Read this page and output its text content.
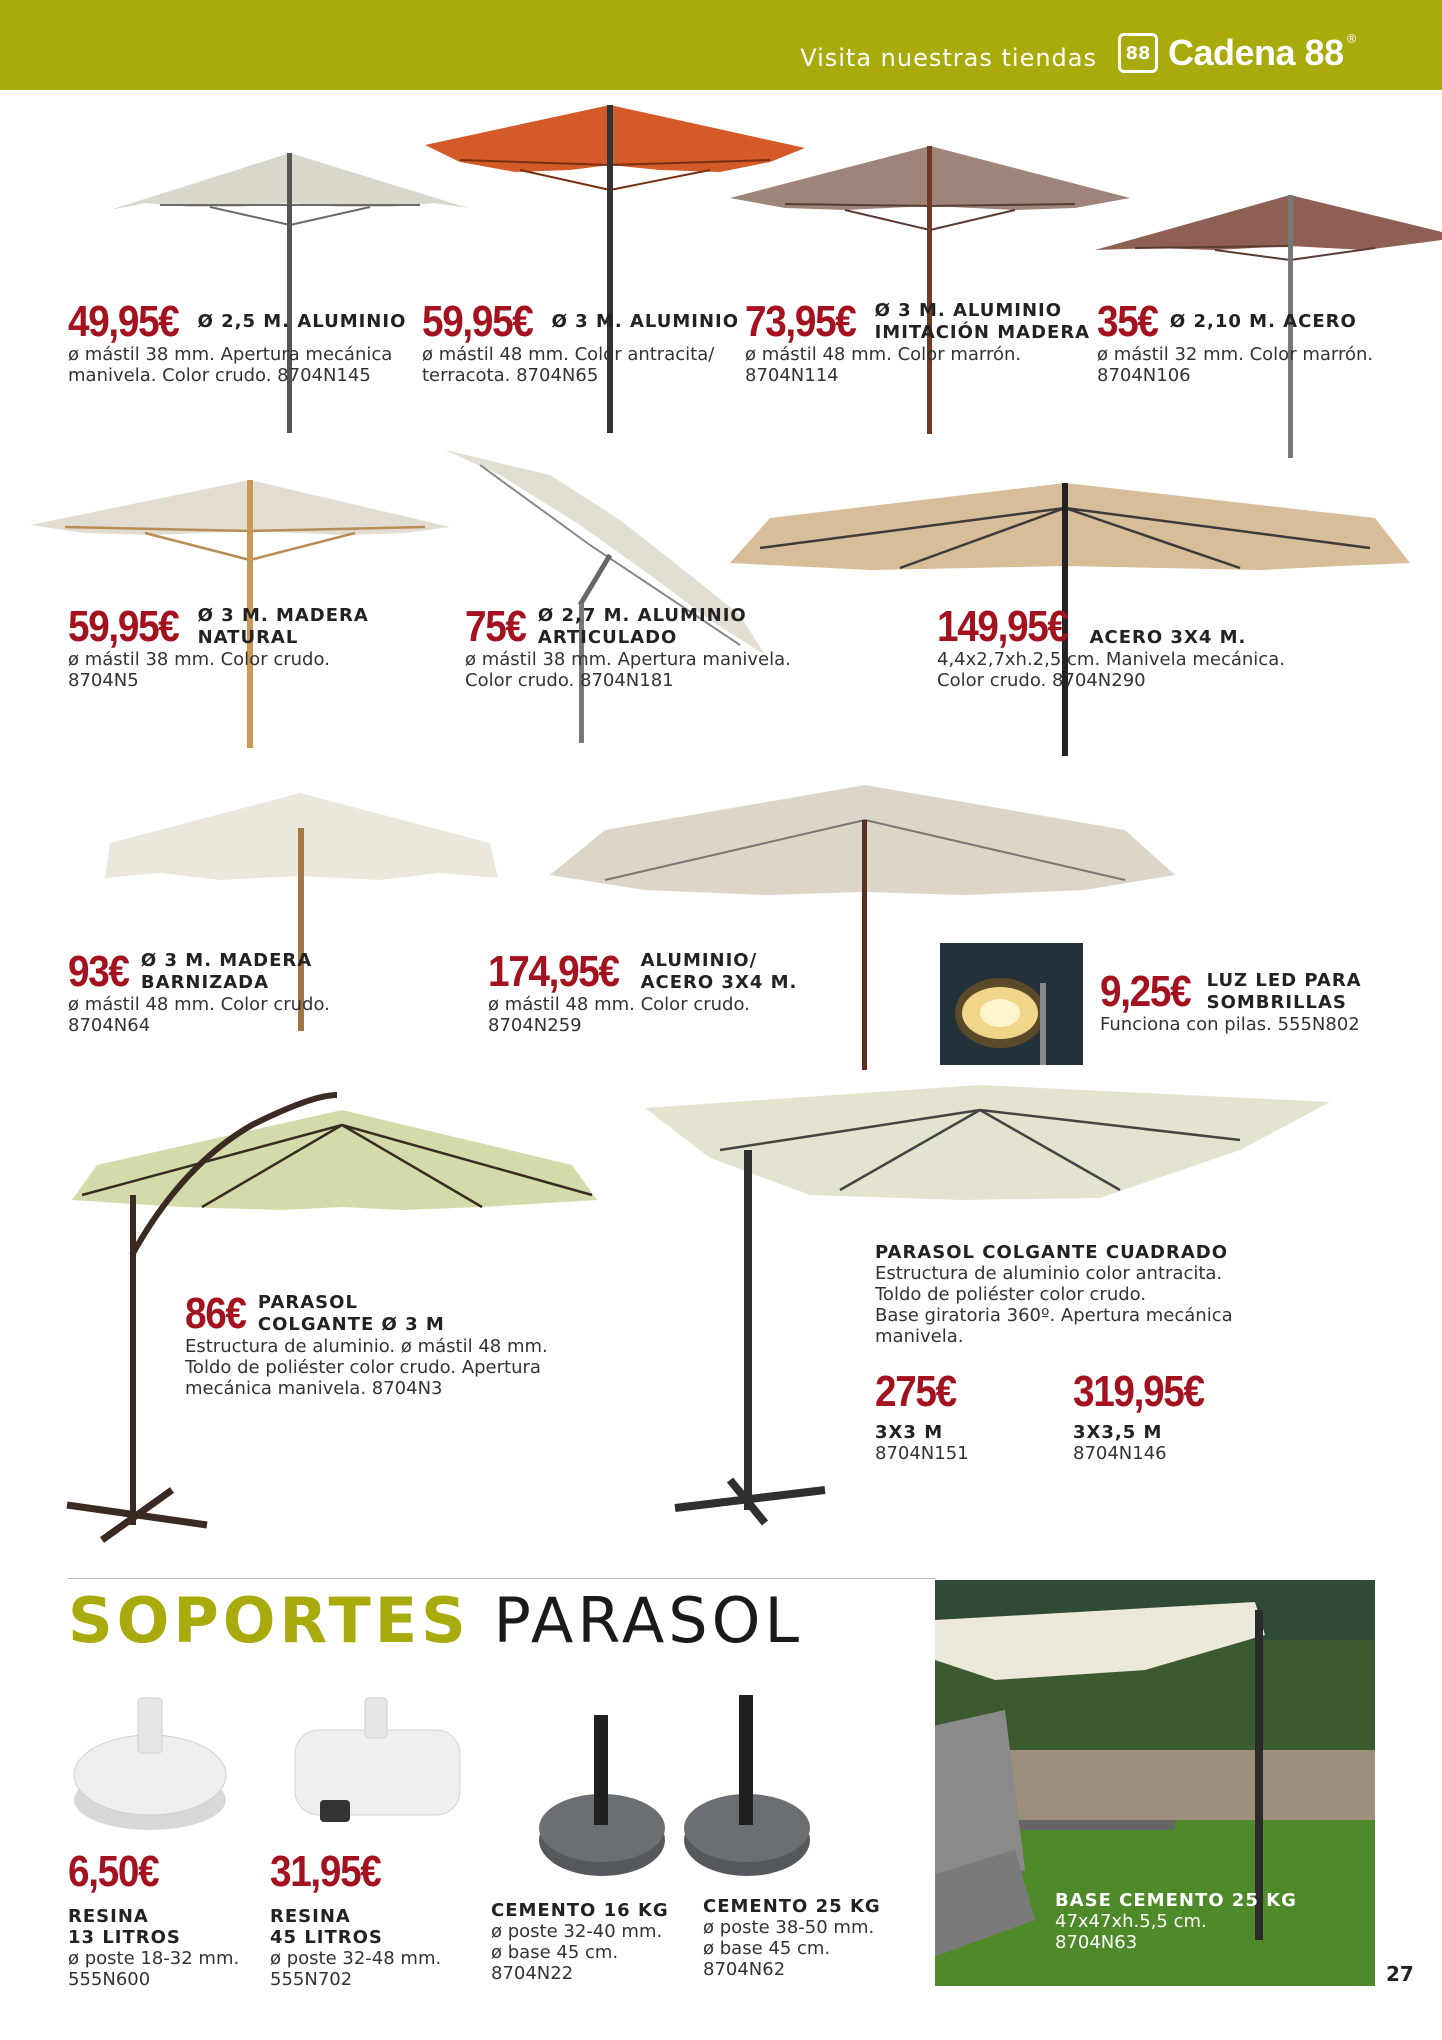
Visita nuestras tiendas	88 Cadena 88 ®
49,95€ Ø 2,5 M. ALUMINIO
ø mástil 38 mm. Apertura mecánica
manivela. Color crudo. 8704N145
59,95€ Ø 3 M. ALUMINIO
ø mástil 48 mm. Color antracita/
terracota. 8704N65
73,95€ Ø 3 M. ALUMINIO
IMITACIÓN MADERA
ø mástil 48 mm. Color marrón.
8704N114
35€ Ø 2,10 M. ACERO
ø mástil 32 mm. Color marrón.
8704N106
59,95€ Ø 3 M. MADERA
NATURAL
ø mástil 38 mm. Color crudo.
8704N5
75€ Ø 2,7 M. ALUMINIO
ARTICULADO
ø mástil 38 mm. Apertura manivela.
Color crudo. 8704N181
149,95€ ACERO 3X4 M.
4,4x2,7xh.2,5 cm. Manivela mecánica.
Color crudo. 8704N290
93€ Ø 3 M. MADERA
BARNIZADA
ø mástil 48 mm. Color crudo.
8704N64
174,95€ ALUMINIO/
ACERO 3X4 M.
ø mástil 48 mm. Color crudo.
8704N259
9,25€ LUZ LED PARA
SOMBRILLAS
Funciona con pilas. 555N802
86€ PARASOL
COLGANTE Ø 3 M
Estructura de aluminio. ø mástil 48 mm.
Toldo de poliéster color crudo. Apertura
mecánica manivela. 8704N3
PARASOL COLGANTE CUADRADO
Estructura de aluminio color antracita.
Toldo de poliéster color crudo.
Base giratoria 360º. Apertura mecánica
manivela.
275€
3X3 M
8704N151
319,95€
3X3,5 M
8704N146
SOPORTES PARASOL
6,50€
RESINA
13 LITROS
ø poste 18-32 mm.
555N600
31,95€
RESINA
45 LITROS
ø poste 32-48 mm.
555N702
CEMENTO 16 KG
ø poste 32-40 mm.
ø base 45 cm.
8704N22
CEMENTO 25 KG
ø poste 38-50 mm.
ø base 45 cm.
8704N62
BASE CEMENTO 25 KG
47x47xh.5,5 cm.
8704N63
27
